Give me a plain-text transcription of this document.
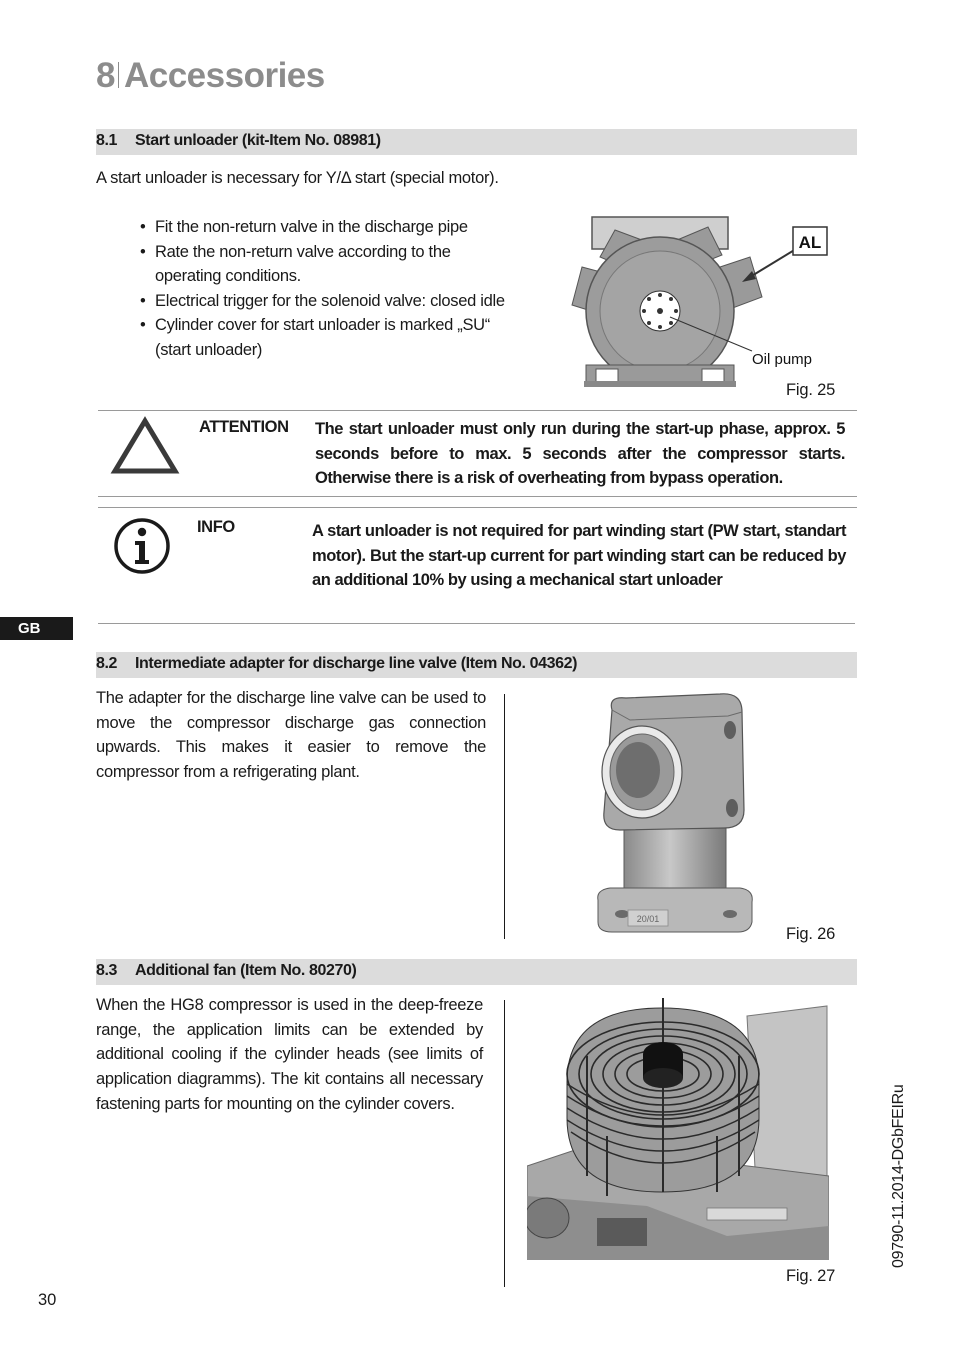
8 Accessories
8.1 Start unloader (kit-Item No. 08981)
A start unloader is necessary for Y/Δ start (special motor).
• Fit the non-return valve in the discharge pipe
• Rate the non-return valve according to the operating conditions.
• Electrical trigger for the solenoid valve: closed idle
• Cylinder cover for start unloader is marked „SU“ (start unloader)
AL
Oil pump
Fig. 25
ATTENTION The start unloader must only run during the start-up phase, approx. 5 seconds before to max. 5 seconds after the compressor starts. Otherwise there is a risk of overheating from bypass operation.
INFO	A start unloader is not required for part winding start (PW start, standart motor). But the start-up current for part winding start can be reduced by an additional 10% by using a mechanical start unloader
GB
8.2 Intermediate adapter for discharge line valve (Item No. 04362)
The adapter for the discharge line valve can be used to move the compressor discharge gas connection upwards. This makes it easier to remove the compressor from a refrigerating plant.
20/01
Fig. 26
8.3 Additional fan (Item No. 80270)
When the HG8 compressor is used in the deep-freeze range, the application limits can be extended by additional cooling if the cylinder heads (see limits of application diagramms). The kit contains all necessary fastening parts for mounting on the cylinder covers.
Fig. 27
09790-11.2014-DGbFEIRu
30
